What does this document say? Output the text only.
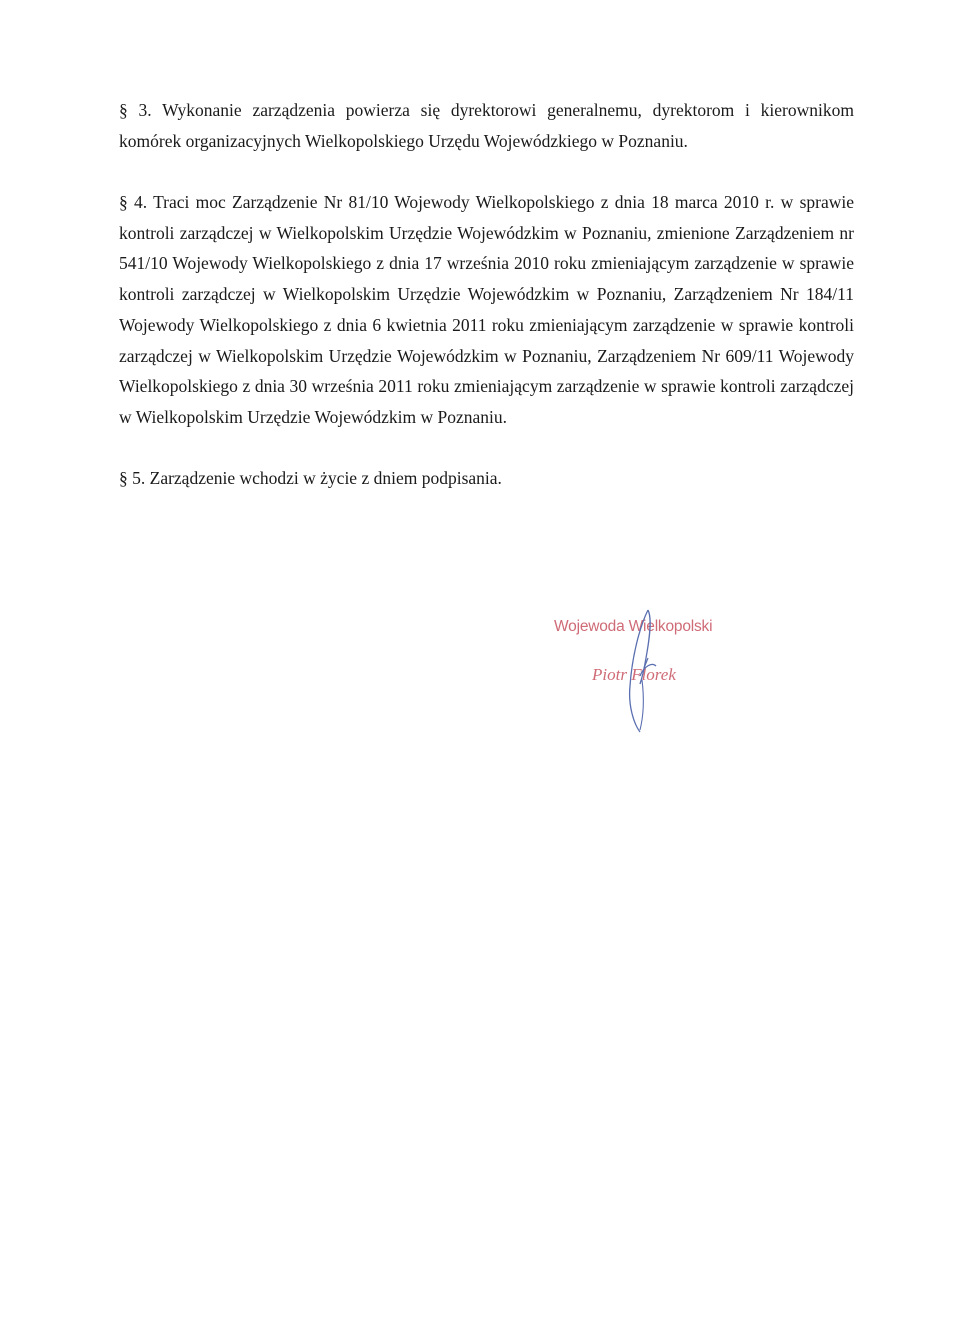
§ 3. Wykonanie zarządzenia powierza się dyrektorowi generalnemu, dyrektorom i kierownikom komórek organizacyjnych Wielkopolskiego Urzędu Wojewódzkiego w Poznaniu.

§ 4. Traci moc Zarządzenie Nr 81/10 Wojewody Wielkopolskiego z dnia 18 marca 2010 r. w sprawie kontroli zarządczej w Wielkopolskim Urzędzie Wojewódzkim w Poznaniu, zmienione Zarządzeniem nr 541/10 Wojewody Wielkopolskiego z dnia 17 września 2010 roku zmieniającym zarządzenie w sprawie kontroli zarządczej w Wielkopolskim Urzędzie Wojewódzkim w Poznaniu, Zarządzeniem Nr 184/11 Wojewody Wielkopolskiego z dnia 6 kwietnia 2011 roku zmieniającym zarządzenie w sprawie kontroli zarządczej w Wielkopolskim Urzędzie Wojewódzkim w Poznaniu, Zarządzeniem Nr 609/11 Wojewody Wielkopolskiego z dnia 30 września 2011 roku zmieniającym zarządzenie w sprawie kontroli zarządczej w Wielkopolskim Urzędzie Wojewódzkim w Poznaniu.

§ 5. Zarządzenie wchodzi w życie z dniem podpisania.

Wojewoda Wielkopolski
Piotr Florek
